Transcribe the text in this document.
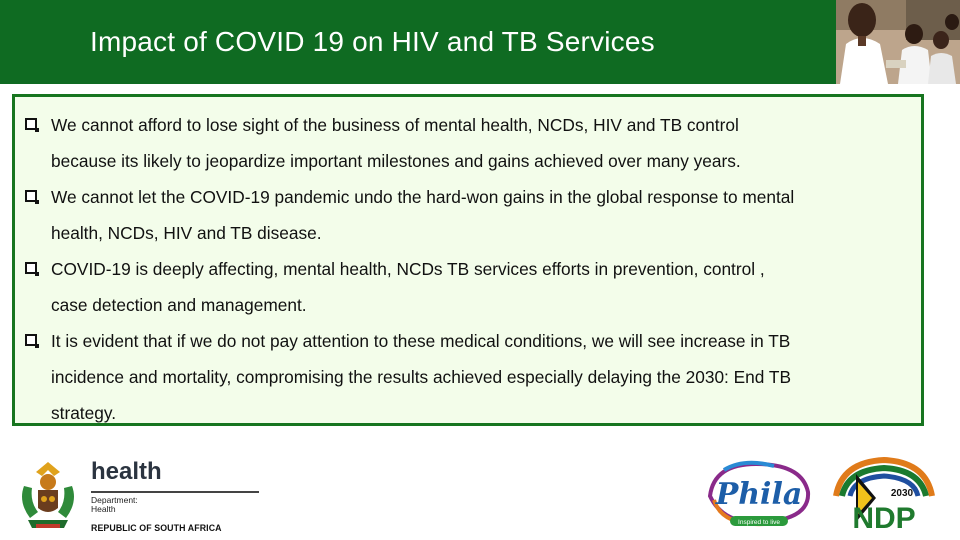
Impact of COVID 19 on HIV and TB Services
We cannot afford to lose sight of the business of mental health, NCDs, HIV and TB control
because its likely to jeopardize important milestones and gains achieved over many years.
We cannot let the COVID-19 pandemic undo the hard-won gains in the global response to mental
health, NCDs, HIV and TB disease.
COVID-19 is deeply affecting, mental health, NCDs TB services efforts in prevention, control ,
case detection and management.
It is evident that if we do not pay attention to these medical conditions, we will see increase in TB
incidence and mortality, compromising the results achieved especially delaying the 2030: End TB
strategy.
health
Department:
Health
REPUBLIC OF SOUTH AFRICA
Phila
Inspired to live
2030
NDP
